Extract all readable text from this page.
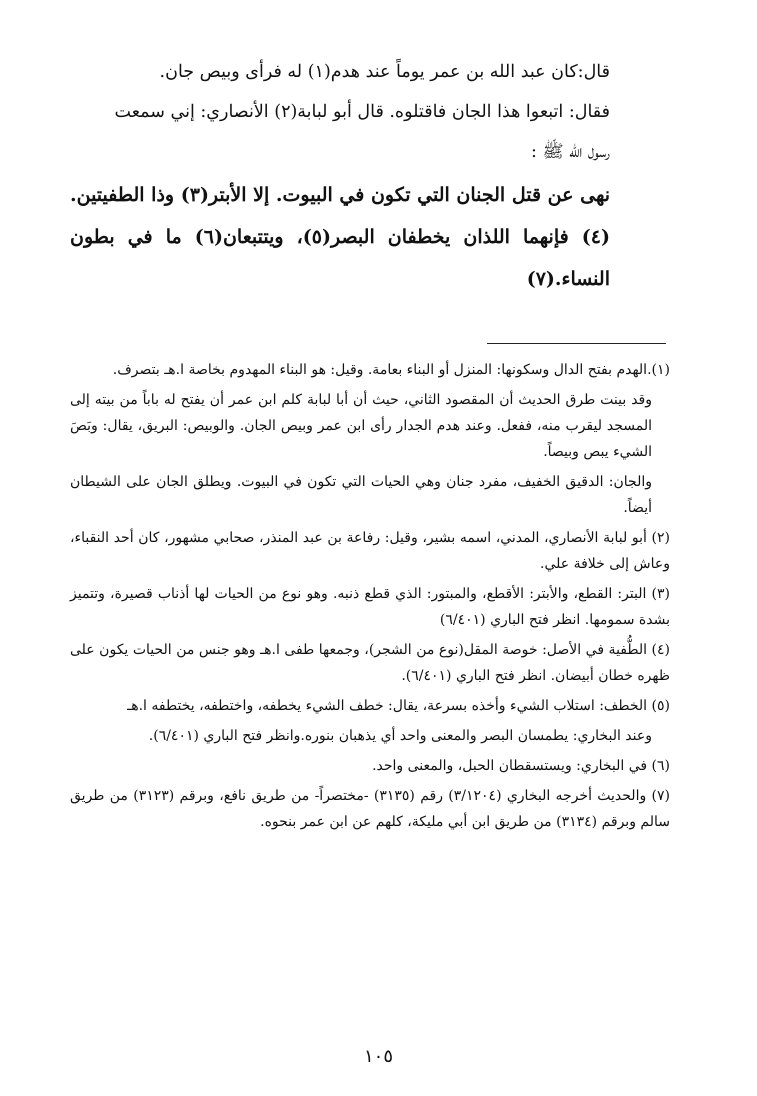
قال:كان عبد الله بن عمر يوماً عند هدم(١) له فرأى وبيص جان.

فقال: اتبعوا هذا الجان فاقتلوه. قال أبو لبابة(٢) الأنصاري: إني سمعت

رسول الله ﷺ :

نهى عن قتل الجنان التي تكون في البيوت. إلا الأبتر(٣) وذا الطفيتين.(٤) فإنهما اللذان يخطفان البصر(٥)، ويتتبعان(٦) ما في بطون النساء.(٧)

(١).الهدم بفتح الدال وسكونها: المنزل أو البناء بعامة. وقيل: هو البناء المهدوم بخاصة ا.هـ بتصرف.

وقد بينت طرق الحديث أن المقصود الثاني، حيث أن أبا لبابة كلم ابن عمر أن يفتح له باباً من بيته إلى المسجد ليقرب منه، ففعل. وعند هدم الجدار رأى ابن عمر وبيص الجان. والوبيص: البريق، يقال: وبَصَ الشيء يبص وبيصاً.

والجان: الدقيق الخفيف، مفرد جنان وهي الحيات التي تكون في البيوت. ويطلق الجان على الشيطان أيضاً.

(٢) أبو لبابة الأنصاري، المدني، اسمه بشير، وقيل: رفاعة بن عبد المنذر، صحابي مشهور، كان أحد النقباء، وعاش إلى خلافة علي.

(٣) البتر: القطع، والأبتر: الأقطع، والمبتور: الذي قطع ذنبه. وهو نوع من الحيات لها أذناب قصيرة، وتتميز بشدة سمومها. انظر فتح الباري (٦/٤٠١)

(٤) الطُّفية في الأصل: خوصة المقل(نوع من الشجر)، وجمعها طفى ا.هـ وهو جنس من الحيات يكون على ظهره خطان أبيضان. انظر فتح الباري (٦/٤٠١).

(٥) الخطف: استلاب الشيء وأخذه بسرعة، يقال: خطف الشيء يخطفه، واختطفه، يختطفه ا.هـ

وعند البخاري: يطمسان البصر والمعنى واحد أي يذهبان بنوره.وانظر فتح الباري (٦/٤٠١).

(٦) في البخاري: ويستسقطان الحبل، والمعنى واحد.

(٧) والحديث أخرجه البخاري (٣/١٢٠٤) رقم (٣١٣٥) -مختصراً- من طريق نافع، وبرقم (٣١٢٣) من طريق سالم وبرقم (٣١٣٤) من طريق ابن أبي مليكة، كلهم عن ابن عمر بنحوه.

١٠٥
